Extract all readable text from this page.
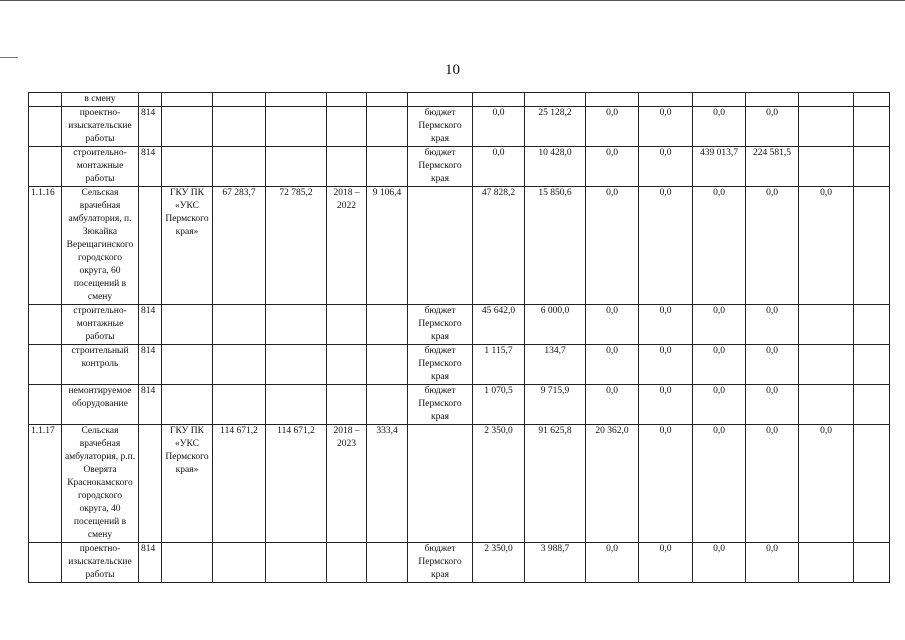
10
	в смену															
	проектно-изыскательские работы	814						бюджет Пермского края	0,0	25 128,2	0,0	0,0	0,0	0,0		
	строительно-монтажные работы	814						бюджет Пермского края	0,0	10 428,0	0,0	0,0	439 013,7	224 581,5		
1.1.16	Сельская врачебная амбулатория, п. Зюкайка Верещагинского городского округа, 60 посещений в смену		ГКУ ПК «УКС Пермского края»	67 283,7	72 785,2	2018 – 2022	9 106,4		47 828,2	15 850,6	0,0	0,0	0,0	0,0	0,0	
	строительно-монтажные работы	814						бюджет Пермского края	45 642,0	6 000,0	0,0	0,0	0,0	0,0		
	строительный контроль	814						бюджет Пермского края	1 115,7	134,7	0,0	0,0	0,0	0,0		
	немонтируемое оборудование	814						бюджет Пермского края	1 070,5	9 715,9	0,0	0,0	0,0	0,0		
1.1.17	Сельская врачебная амбулатория, р.п. Оверята Краснокамского городского округа, 40 посещений в смену		ГКУ ПК «УКС Пермского края»	114 671,2	114 671,2	2018 – 2023	333,4		2 350,0	91 625,8	20 362,0	0,0	0,0	0,0	0,0	
	проектно-изыскательские работы	814						бюджет Пермского края	2 350,0	3 988,7	0,0	0,0	0,0	0,0		
